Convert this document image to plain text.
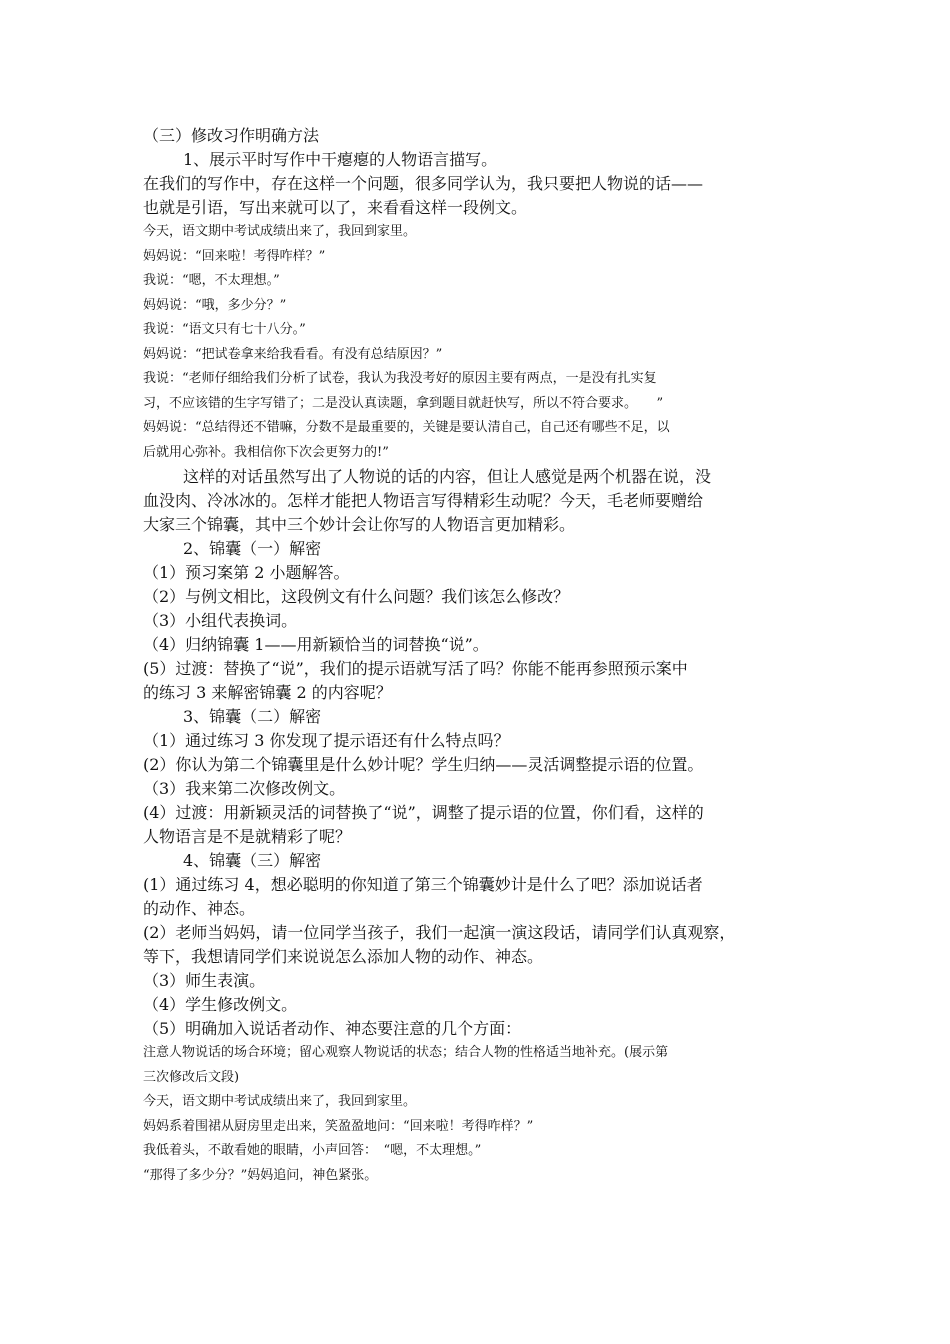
（三）修改习作明确方法
1、展示平时写作中干瘪瘪的人物语言描写。
在我们的写作中，存在这样一个问题，很多同学认为，我只要把人物说的话——
也就是引语，写出来就可以了，来看看这样一段例文。
今天，语文期中考试成绩出来了，我回到家里。
妈妈说：“回来啦！考得咋样？”
我说：“嗯，不太理想。”
妈妈说：“哦，多少分？”
我说：“语文只有七十八分。”
妈妈说：“把试卷拿来给我看看。有没有总结原因？”
我说：“老师仔细给我们分析了试卷，我认为我没考好的原因主要有两点，一是没有扎实复
习，不应该错的生字写错了；二是没认真读题，拿到题目就赶快写，所以不符合要求。　　”
妈妈说：“总结得还不错嘛，分数不是最重要的，关键是要认清自己，自己还有哪些不足，以
后就用心弥补。我相信你下次会更努力的!”
这样的对话虽然写出了人物说的话的内容，但让人感觉是两个机器在说，没
血没肉、冷冰冰的。怎样才能把人物语言写得精彩生动呢？今天，毛老师要赠给
大家三个锦囊，其中三个妙计会让你写的人物语言更加精彩。
2、锦囊（一）解密
（1）预习案第 2 小题解答。
（2）与例文相比，这段例文有什么问题？我们该怎么修改？
（3）小组代表换词。
（4）归纳锦囊 1——用新颖恰当的词替换“说”。
(5）过渡：替换了“说”，我们的提示语就写活了吗？你能不能再参照预示案中
的练习 3 来解密锦囊 2 的内容呢？
3、锦囊（二）解密
（1）通过练习 3 你发现了提示语还有什么特点吗？
(2）你认为第二个锦囊里是什么妙计呢？学生归纳——灵活调整提示语的位置。
（3）我来第二次修改例文。
(4）过渡：用新颖灵活的词替换了“说”，调整了提示语的位置，你们看，这样的
人物语言是不是就精彩了呢？
4、锦囊（三）解密
(1）通过练习 4，想必聪明的你知道了第三个锦囊妙计是什么了吧？添加说话者
的动作、神态。
(2）老师当妈妈，请一位同学当孩子，我们一起演一演这段话，请同学们认真观察，
等下，我想请同学们来说说怎么添加人物的动作、神态。
（3）师生表演。
（4）学生修改例文。
（5）明确加入说话者动作、神态要注意的几个方面：
注意人物说话的场合环境；留心观察人物说话的状态；结合人物的性格适当地补充。(展示第
三次修改后文段)
今天，语文期中考试成绩出来了，我回到家里。
妈妈系着围裙从厨房里走出来，笑盈盈地问：“回来啦！考得咋样？”
我低着头，不敢看她的眼睛，小声回答：　“嗯，不太理想。”
“那得了多少分？”妈妈追问，神色紧张。
